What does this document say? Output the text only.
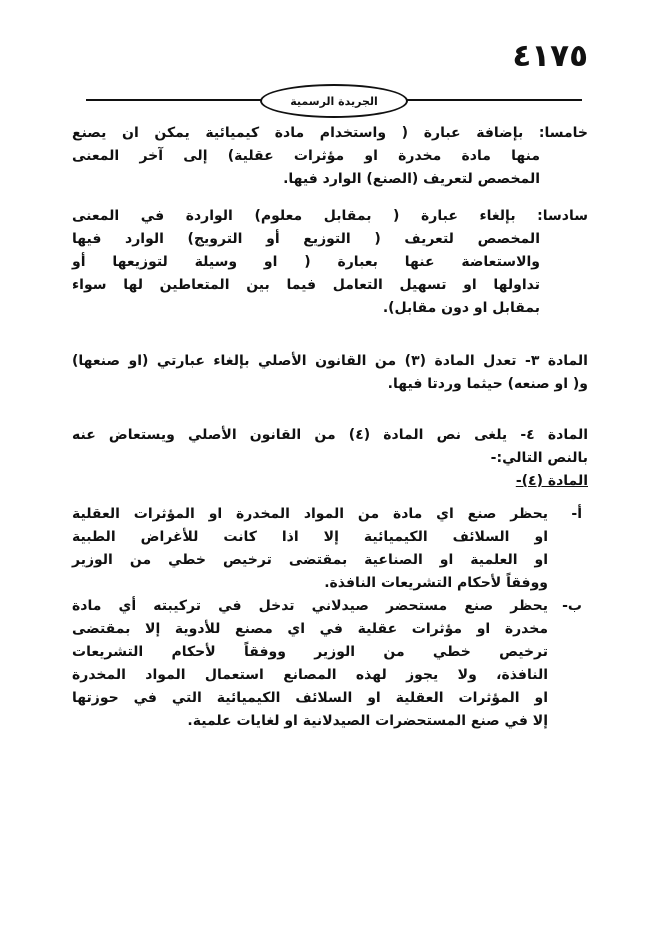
٤١٧٥
الجريدة الرسمية
خامسا: بإضافة عبارة ( واستخدام مادة كيميائية يمكن ان يصنع
منها مادة مخدرة او مؤثرات عقلية) إلى آخر المعنى
المخصص لتعريف (الصنع) الوارد فيها.
سادسا: بإلغاء عبارة ( بمقابل معلوم) الواردة في المعنى
المخصص لتعريف ( التوزيع أو الترويج) الوارد فيها
والاستعاضة عنها بعبارة ( او وسيلة لتوزيعها أو
تداولها او تسهيل التعامل فيما بين المتعاطين لها سواء
بمقابل او دون مقابل).
المادة ٣- تعدل المادة (٣) من القانون الأصلي بإلغاء عبارتي (او صنعها)
و( او صنعه) حيثما وردتا فيها.
المادة ٤- يلغى نص المادة (٤) من القانون الأصلي ويستعاض عنه
بالنص التالي:-
المادة (٤)-
أ-
يحظر صنع اي مادة من المواد المخدرة او المؤثرات العقلية
او السلائف الكيميائية إلا اذا كانت للأغراض الطبية
او العلمية او الصناعية بمقتضى ترخيص خطي من الوزير
ووفقاً لأحكام التشريعات النافذة.
ب-
يحظر صنع مستحضر صيدلاني تدخل في تركيبته أي مادة
مخدرة او مؤثرات عقلية في اي مصنع للأدوية إلا بمقتضى
ترخيص خطي من الوزير ووفقاً لأحكام التشريعات
النافذة، ولا يجوز لهذه المصانع استعمال المواد المخدرة
او المؤثرات العقلية او السلائف الكيميائية التي في حوزتها
إلا في صنع المستحضرات الصيدلانية او لغايات علمية.
